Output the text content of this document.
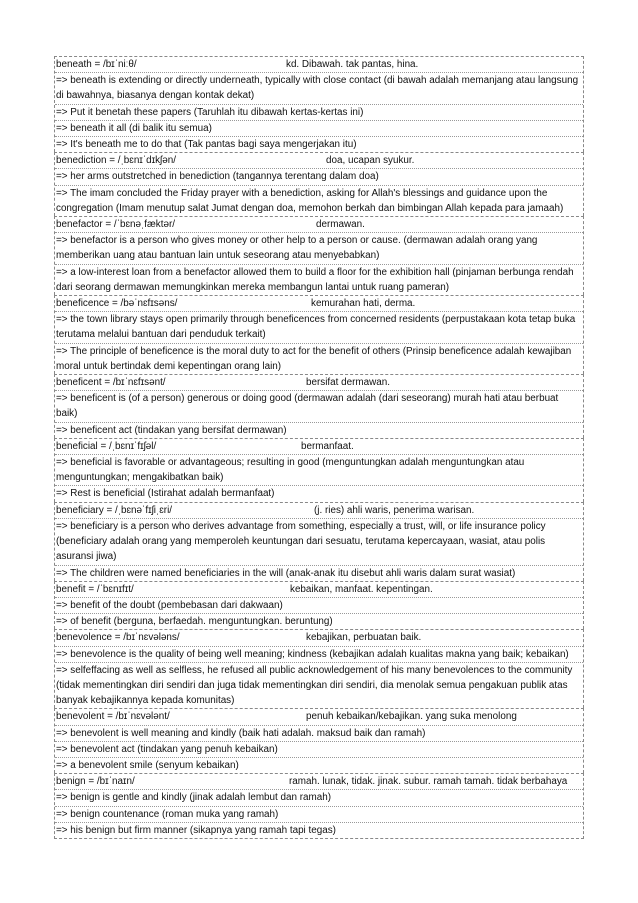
beneath = /bɪˈniːθ/	kd. Dibawah. tak pantas, hina.
=> beneath is extending or directly underneath, typically with close contact (di bawah adalah memanjang atau langsung di bawahnya, biasanya dengan kontak dekat)
=> Put it benetah these papers (Taruhlah itu dibawah kertas-kertas ini)
=> beneath it all (di balik itu semua)
=> It's beneath me to do that (Tak pantas bagi saya mengerjakan itu)
benediction = /ˌbɛnɪˈdɪkʃən/	doa, ucapan syukur.
=> her arms outstretched in benediction (tangannya terentang dalam doa)
=> The imam concluded the Friday prayer with a benediction, asking for Allah's blessings and guidance upon the congregation (Imam menutup salat Jumat dengan doa, memohon berkah dan bimbingan Allah kepada para jamaah)
benefactor = /ˈbɛnəˌfæktər/	dermawan.
=> benefactor is a person who gives money or other help to a person or cause. (dermawan adalah orang yang memberikan uang atau bantuan lain untuk seseorang atau menyebabkan)
=> a low-interest loan from a benefactor allowed them to build a floor for the exhibition hall (pinjaman berbunga rendah dari seorang dermawan memungkinkan mereka membangun lantai untuk ruang pameran)
beneficence = /bəˈnɛfɪsəns/	kemurahan hati, derma.
=> the town library stays open primarily through beneficences from concerned residents (perpustakaan kota tetap buka terutama melalui bantuan dari penduduk terkait)
=> The principle of beneficence is the moral duty to act for the benefit of others (Prinsip beneficence adalah kewajiban moral untuk bertindak demi kepentingan orang lain)
beneficent = /bɪˈnɛfɪsənt/	bersifat dermawan.
=> beneficent is (of a person) generous or doing good (dermawan adalah (dari seseorang) murah hati atau berbuat baik)
=> beneficent act (tindakan yang bersifat dermawan)
beneficial = /ˌbɛnɪˈfɪʃəl/	bermanfaat.
=> beneficial is favorable or advantageous; resulting in good (menguntungkan adalah menguntungkan atau menguntungkan; mengakibatkan baik)
=> Rest is beneficial (Istirahat adalah bermanfaat)
beneficiary = /ˌbɛnəˈfɪʃiˌɛri/	(j. ries) ahli waris, penerima warisan.
=> beneficiary is a person who derives advantage from something, especially a trust, will, or life insurance policy (beneficiary adalah orang yang memperoleh keuntungan dari sesuatu, terutama kepercayaan, wasiat, atau polis asuransi jiwa)
=> The children were named beneficiaries in the will (anak-anak itu disebut ahli waris dalam surat wasiat)
benefit = /ˈbɛnɪfɪt/	kebaikan, manfaat. kepentingan.
=> benefit of the doubt (pembebasan dari dakwaan)
=> of benefit (berguna, berfaedah. menguntungkan. beruntung)
benevolence = /bɪˈnɛvələns/	kebajikan, perbuatan baik.
=> benevolence is the quality of being well meaning; kindness (kebajikan adalah kualitas makna yang baik; kebaikan)
=> selfeffacing as well as selfless, he refused all public acknowledgement of his many benevolences to the community (tidak mementingkan diri sendiri dan juga tidak mementingkan diri sendiri, dia menolak semua pengakuan publik atas banyak kebajikannya kepada komunitas)
benevolent = /bɪˈnɛvələnt/	penuh kebaikan/kebajikan. yang suka menolong
=> benevolent is well meaning and kindly (baik hati adalah. maksud baik dan ramah)
=> benevolent act (tindakan yang penuh kebaikan)
=> a benevolent smile (senyum kebaikan)
benign = /bɪˈnaɪn/	ramah. lunak, tidak. jinak. subur. ramah tamah. tidak berbahaya
=> benign is gentle and kindly (jinak adalah lembut dan ramah)
=> benign countenance (roman muka yang ramah)
=> his benign but firm manner (sikapnya yang ramah tapi tegas)
